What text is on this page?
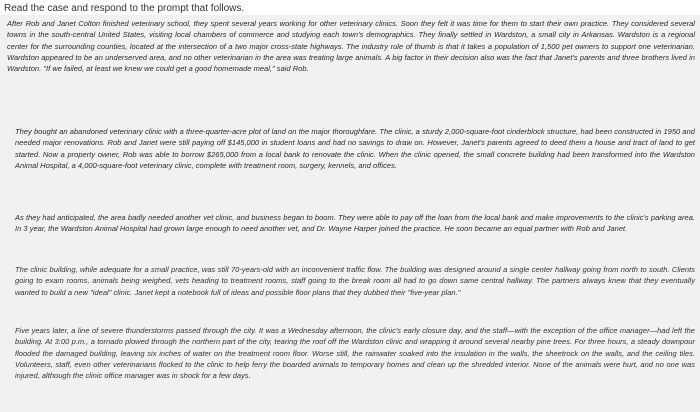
Read the case and respond to the prompt that follows.

After Rob and Janet Colton finished veterinary school, they spent several years working for other veterinary clinics. Soon they felt it was time for them to start their own practice. They considered several towns in the south-central United States, visiting local chambers of commerce and studying each town's demographics. They finally settled in Wardston, a small city in Arkansas. Wardston is a regional center for the surrounding counties, located at the intersection of a two major cross-state highways. The industry rule of thumb is that it takes a population of 1,500 pet owners to support one veterinarian. Wardston appeared to be an underserved area, and no other veterinarian in the area was treating large animals. A big factor in their decision also was the fact that Janet's parents and three brothers lived in Wardston. "If we failed, at least we knew we could get a good homemade meal," said Rob.

They bought an abandoned veterinary clinic with a three-quarter-acre plot of land on the major thoroughfare. The clinic, a sturdy 2,000-square-foot cinderblock structure, had been constructed in 1950 and needed major renovations. Rob and Janet were still paying off $145,000 in student loans and had no savings to draw on. However, Janet's parents agreed to deed them a house and tract of land to get started. Now a property owner, Rob was able to borrow $265,000 from a local bank to renovate the clinic. When the clinic opened, the small concrete building had been transformed into the Wardston Animal Hospital, a 4,000-square-foot veterinary clinic, complete with treatment room, surgery, kennels, and offices.

As they had anticipated, the area badly needed another vet clinic, and business began to boom. They were able to pay off the loan from the local bank and make improvements to the clinic's parking area. In 3 year, the Wardston Animal Hospital had grown large enough to need another vet, and Dr. Wayne Harper joined the practice. He soon became an equal partner with Rob and Janet.

The clinic building, while adequate for a small practice, was still 70-years-old with an inconvenient traffic flow. The building was designed around a single center hallway going from north to south. Clients going to exam rooms, animals being weighed, vets heading to treatment rooms, staff going to the break room all had to go down same central hallway. The partners always knew that they eventually wanted to build a new "ideal" clinic. Janet kept a notebook full of ideas and possible floor plans that they dubbed their "five-year plan."

Five years later, a line of severe thunderstorms passed through the city. It was a Wednesday afternoon, the clinic's early closure day, and the staff—with the exception of the office manager—had left the building. At 3:00 p.m., a tornado plowed through the northern part of the city, tearing the roof off the Wardston clinic and wrapping it around several nearby pine trees. For three hours, a steady downpour flooded the damaged building, leaving six inches of water on the treatment room floor. Worse still, the rainwater soaked into the insulation in the walls, the sheetrock on the walls, and the ceiling tiles. Volunteers, staff, even other veterinarians flocked to the clinic to help ferry the boarded animals to temporary homes and clean up the shredded interior. None of the animals were hurt, and no one was injured, although the clinic office manager was in shock for a few days.
